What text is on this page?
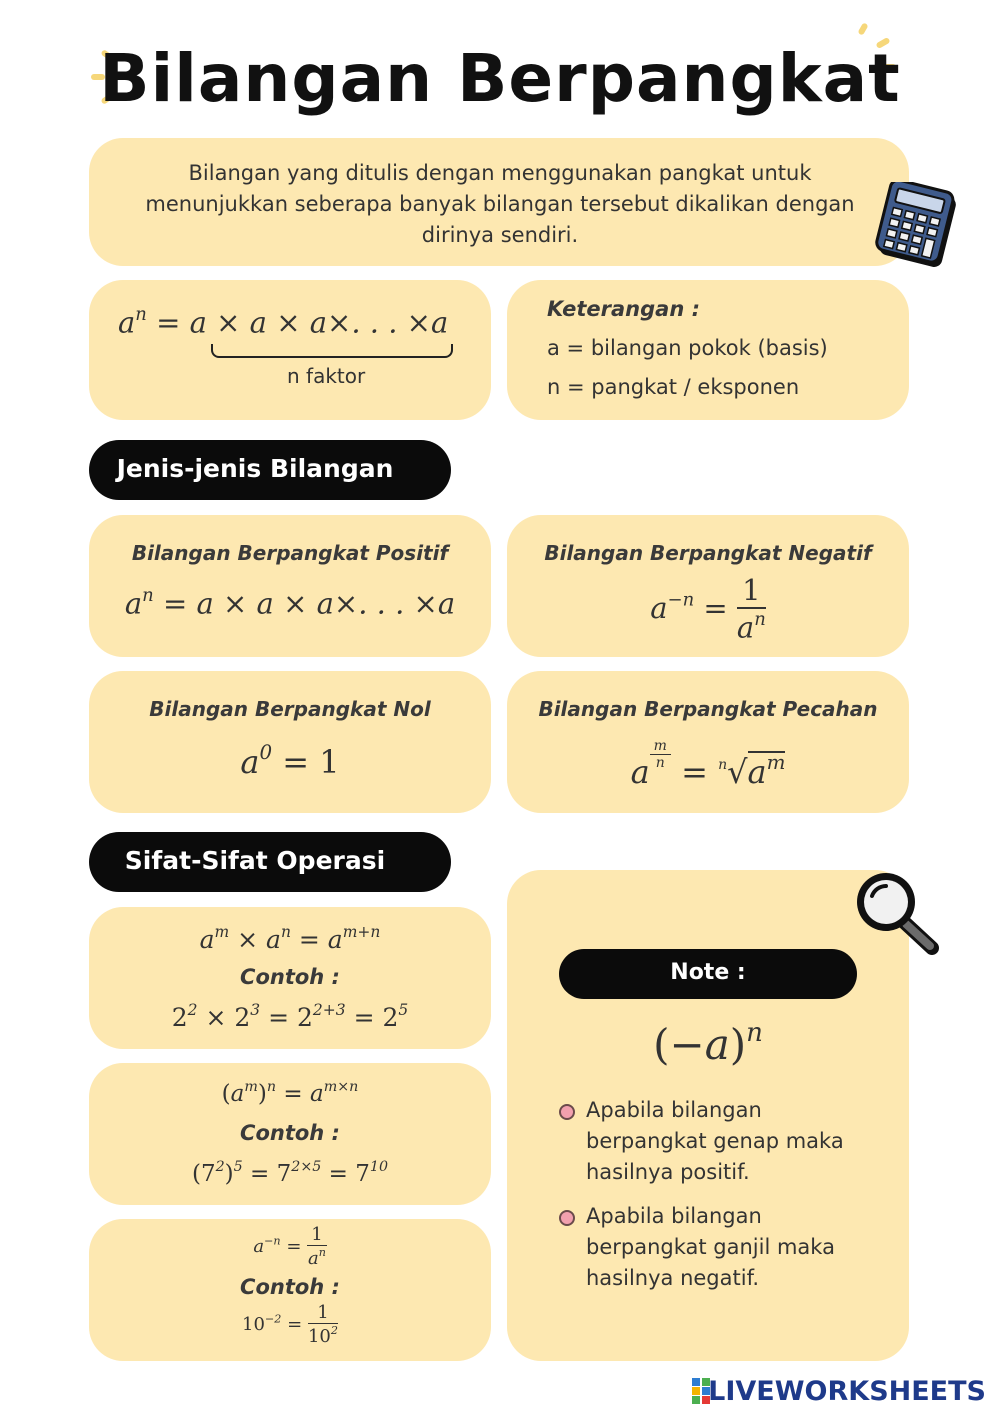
Bilangan Berpangkat
Bilangan yang ditulis dengan menggunakan pangkat untuk menunjukkan seberapa banyak bilangan tersebut dikalikan dengan dirinya sendiri.
$a^n = a \times a \times a\times$. . . ×a
n faktor
Keterangan :
a = bilangan pokok (basis)
n = pangkat / eksponen
Jenis-jenis Bilangan
Bilangan Berpangkat Positif
$a^n = a \times a \times a\times$. . . ×a
Bilangan Berpangkat Negatif
$a^{-n} = \frac{1}{a^n}$
Bilangan Berpangkat Nol
$a^0 = 1$
Bilangan Berpangkat Pecahan
a $\frac{m}{n} = ^n√a^m$
Sifat-Sifat Operasi
$a^m \times a^n = a^{m+n}$
Contoh :
$2^2 \times 2^3 = 2^{2+3} = 2^5$
$(a^m)^n = a^{m\times n}$
Contoh :
$(7^2)^5 = 7^{2\times 5} = 7^{10}$
$a^{-n} = \frac{1}{a^n}$
Contoh :
$10^{-2} = \frac{1}{10^2}$
Note :
$(-a)^n$
Apabila bilangan berpangkat genap maka hasilnya positif.
Apabila bilangan berpangkat ganjil maka hasilnya negatif.
LIVEWORKSHEETS
